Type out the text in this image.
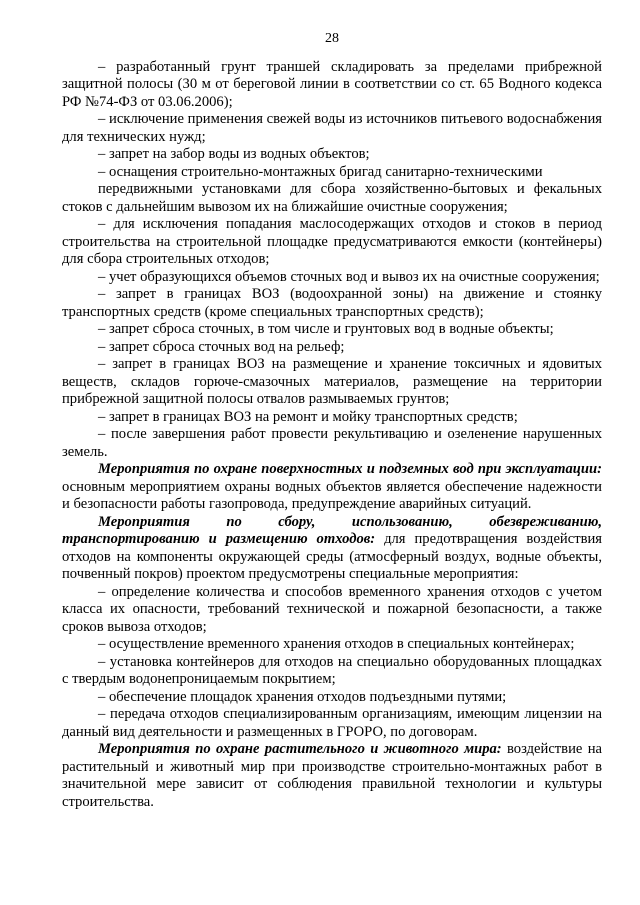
28

– разработанный грунт траншей складировать за пределами прибрежной защитной полосы (30 м от береговой линии в соответствии со ст. 65 Водного кодекса РФ №74-ФЗ от 03.06.2006);

– исключение применения свежей воды из источников питьевого водоснабжения для технических нужд;

– запрет на забор воды из водных объектов;

– оснащения строительно-монтажных бригад санитарно-техническими

передвижными установками для сбора хозяйственно-бытовых и фекальных стоков с дальнейшим вывозом их на ближайшие очистные сооружения;

– для исключения попадания маслосодержащих отходов и стоков в период строительства на строительной площадке предусматриваются емкости (контейнеры) для сбора строительных отходов;

– учет образующихся объемов сточных вод и вывоз их на очистные сооружения;

– запрет в границах ВОЗ (водоохранной зоны) на движение и стоянку транспортных средств (кроме специальных транспортных средств);

– запрет сброса сточных, в том числе и грунтовых вод в водные объекты;

– запрет сброса сточных вод на рельеф;

– запрет в границах ВОЗ на размещение и хранение токсичных и ядовитых веществ, складов горюче-смазочных материалов, размещение на территории прибрежной защитной полосы отвалов размываемых грунтов;

– запрет в границах ВОЗ на ремонт и мойку транспортных средств;

– после завершения работ провести рекультивацию и озеленение нарушенных земель.

Мероприятия по охране поверхностных и подземных вод при эксплуатации: основным мероприятием охраны водных объектов является обеспечение надежности и безопасности работы газопровода, предупреждение аварийных ситуаций.

Мероприятия по сбору, использованию, обезвреживанию, транспортированию и размещению отходов: для предотвращения воздействия отходов на компоненты окружающей среды (атмосферный воздух, водные объекты, почвенный покров) проектом предусмотрены специальные мероприятия:

– определение количества и способов временного хранения отходов с учетом класса их опасности, требований технической и пожарной безопасности, а также сроков вывоза отходов;

– осуществление временного хранения отходов в специальных контейнерах;

– установка контейнеров для отходов на специально оборудованных площадках с твердым водонепроницаемым покрытием;

– обеспечение площадок хранения отходов подъездными путями;

– передача отходов специализированным организациям, имеющим лицензии на данный вид деятельности и размещенных в ГРОРО, по договорам.

Мероприятия по охране растительного и животного мира: воздействие на растительный и животный мир при производстве строительно-монтажных работ в значительной мере зависит от соблюдения правильной технологии и культуры строительства.
